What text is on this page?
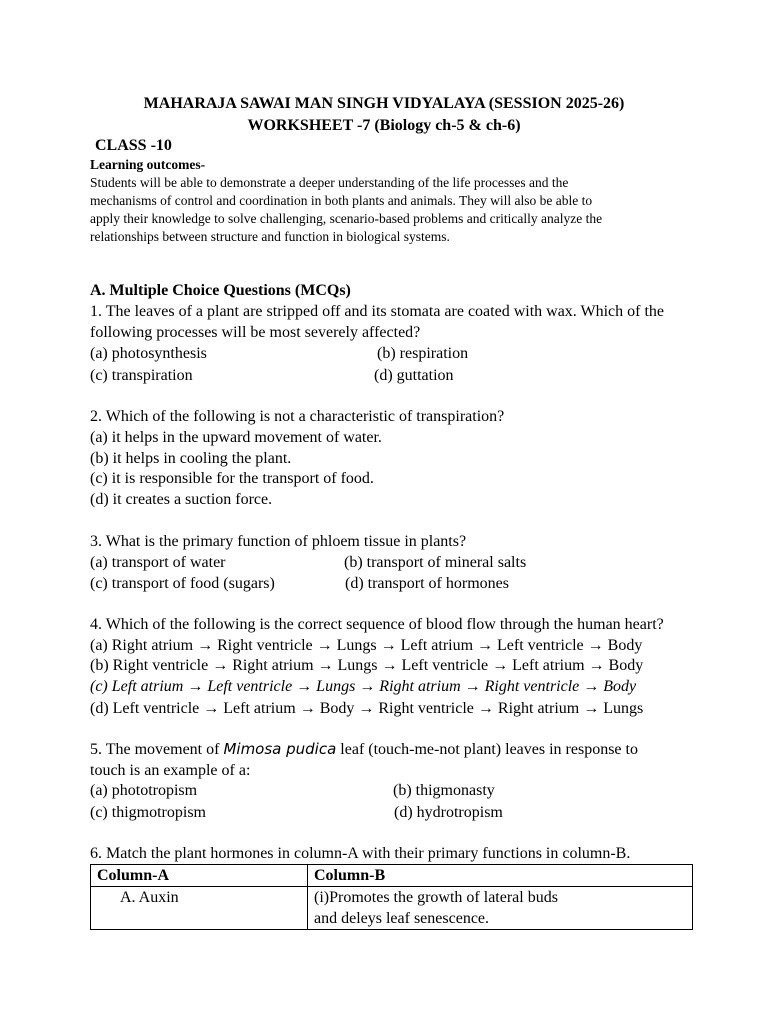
MAHARAJA SAWAI MAN SINGH VIDYALAYA (SESSION 2025-26)
WORKSHEET -7 (Biology ch-5 & ch-6)
CLASS -10
Learning outcomes-
Students will be able to demonstrate a deeper understanding of the life processes and the
mechanisms of control and coordination in both plants and animals. They will also be able to
apply their knowledge to solve challenging, scenario-based problems and critically analyze the
relationships between structure and function in biological systems.
A. Multiple Choice Questions (MCQs)
1. The leaves of a plant are stripped off and its stomata are coated with wax. Which of the
following processes will be most severely affected?
(a) photosynthesis	(b) respiration
(c) transpiration	(d) guttation
2. Which of the following is not a characteristic of transpiration?
(a) it helps in the upward movement of water.
(b) it helps in cooling the plant.
(c) it is responsible for the transport of food.
(d) it creates a suction force.
3. What is the primary function of phloem tissue in plants?
(a) transport of water	(b) transport of mineral salts
(c) transport of food (sugars)	(d) transport of hormones
4. Which of the following is the correct sequence of blood flow through the human heart?
(a) Right atrium → Right ventricle → Lungs → Left atrium → Left ventricle → Body
(b) Right ventricle → Right atrium → Lungs → Left ventricle → Left atrium → Body
(c) Left atrium → Left ventricle → Lungs → Right atrium → Right ventricle → Body
(d) Left ventricle → Left atrium → Body → Right ventricle → Right atrium → Lungs
5. The movement of Mimosa pudica leaf (touch-me-not plant) leaves in response to
touch is an example of a:
(a) phototropism	(b) thigmonasty
(c) thigmotropism	(d) hydrotropism
6. Match the plant hormones in column-A with their primary functions in column-B.
Column-A	Column-B
A. Auxin	(i)Promotes the growth of lateral buds
and deleys leaf senescence.
